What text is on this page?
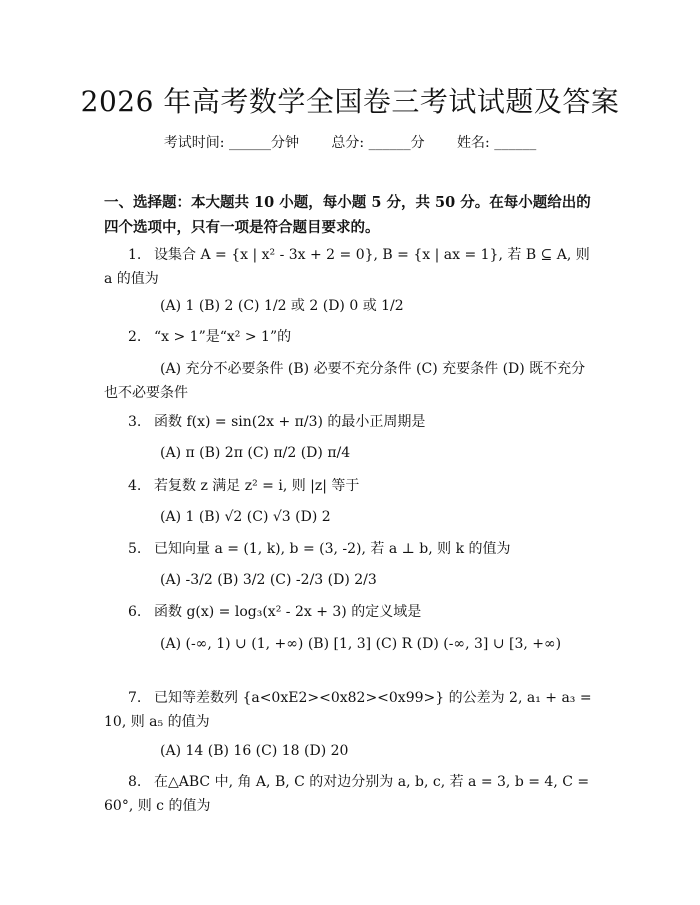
2026 年高考数学全国卷三考试试题及答案
考试时间: ______分钟 总分: ______分 姓名: ______
一、选择题：本大题共 10 小题，每小题 5 分，共 50 分。在每小题给出的四个选项中，只有一项是符合题目要求的。
1. 设集合 A = {x | x² - 3x + 2 = 0}, B = {x | ax = 1}, 若 B ⊆ A, 则 a 的值为
(A) 1 (B) 2 (C) 1/2 或 2 (D) 0 或 1/2
2. “x > 1”是“x² > 1”的
(A) 充分不必要条件 (B) 必要不充分条件 (C) 充要条件 (D) 既不充分也不必要条件
3. 函数 f(x) = sin(2x + π/3) 的最小正周期是
(A) π (B) 2π (C) π/2 (D) π/4
4. 若复数 z 满足 z² = i, 则 |z| 等于
(A) 1 (B) √2 (C) √3 (D) 2
5. 已知向量 a = (1, k), b = (3, -2), 若 a ⊥ b, 则 k 的值为
(A) -3/2 (B) 3/2 (C) -2/3 (D) 2/3
6. 函数 g(x) = log₃(x² - 2x + 3) 的定义域是
(A) (-∞, 1) ∪ (1, +∞) (B) [1, 3] (C) R (D) (-∞, 3] ∪ [3, +∞)
7. 已知等差数列 {a<0xE2><0x82><0x99>} 的公差为 2, a₁ + a₃ = 10, 则 a₅ 的值为
(A) 14 (B) 16 (C) 18 (D) 20
8. 在△ABC 中, 角 A, B, C 的对边分别为 a, b, c, 若 a = 3, b = 4, C = 60°, 则 c 的值为
